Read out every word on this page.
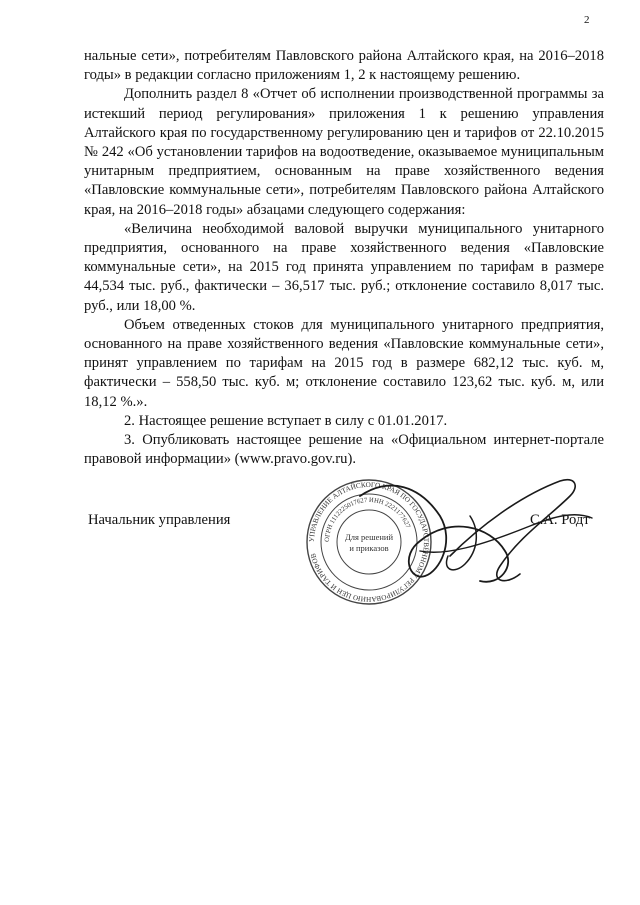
2

нальные сети», потребителям Павловского района Алтайского края, на 2016–2018 годы» в редакции согласно приложениям 1, 2 к настоящему решению.

Дополнить раздел 8 «Отчет об исполнении производственной программы за истекший период регулирования» приложения 1 к решению управления Алтайского края по государственному регулированию цен и тарифов от 22.10.2015 № 242 «Об установлении тарифов на водоотведение, оказываемое муниципальным унитарным предприятием, основанным на праве хозяйственного ведения «Павловские коммунальные сети», потребителям Павловского района Алтайского края, на 2016–2018 годы» абзацами следующего содержания:

«Величина необходимой валовой выручки муниципального унитарного предприятия, основанного на праве хозяйственного ведения «Павловские коммунальные сети», на 2015 год принята управлением по тарифам в размере 44,534 тыс. руб., фактически – 36,517 тыс. руб.; отклонение составило 8,017 тыс. руб., или 18,00 %.

Объем отведенных стоков для муниципального унитарного предприятия, основанного на праве хозяйственного ведения «Павловские коммунальные сети», принят управлением по тарифам на 2015 год в размере 682,12 тыс. куб. м, фактически – 558,50 тыс. куб. м; отклонение составило 123,62 тыс. куб. м, или 18,12 %.».

2. Настоящее решение вступает в силу с 01.01.2017.

3. Опубликовать настоящее решение на «Официальном интернет-портале правовой информации» (www.pravo.gov.ru).

Начальник управления	С.А. Родт
УПРАВЛЕНИЕ АЛТАЙСКОГО КРАЯ ПО ГОСУДАРСТВЕННОМУ РЕГУЛИРОВАНИЮ ЦЕН И ТАРИФОВ
ОГРН 1112225017627 ИНН 2221177627
Для решений
и приказов
